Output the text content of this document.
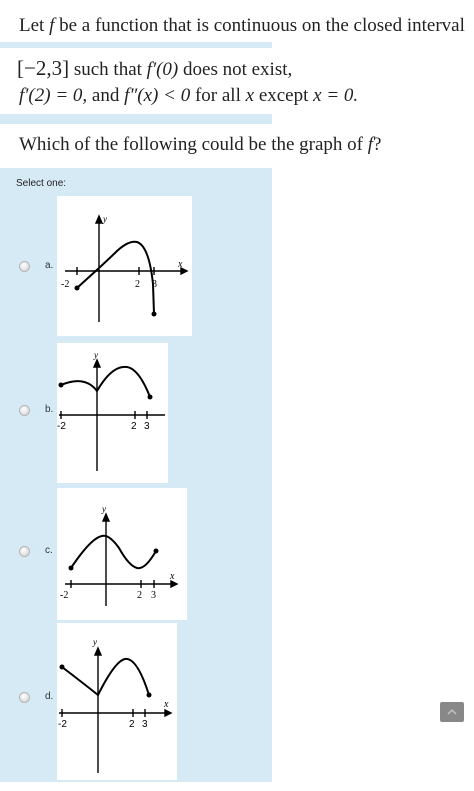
Let f be a function that is continuous on the closed interval
[−2,3] such that f′(0) does not exist,
f′(2) = 0, and f″(x) < 0 for all x except x = 0.
Which of the following could be the graph of f?
Select one:
a.	x
y
-2	2 3
b.
y
-2	2 3
c.
x
y
-2	2 3
d.
x
y
-2	2 3
